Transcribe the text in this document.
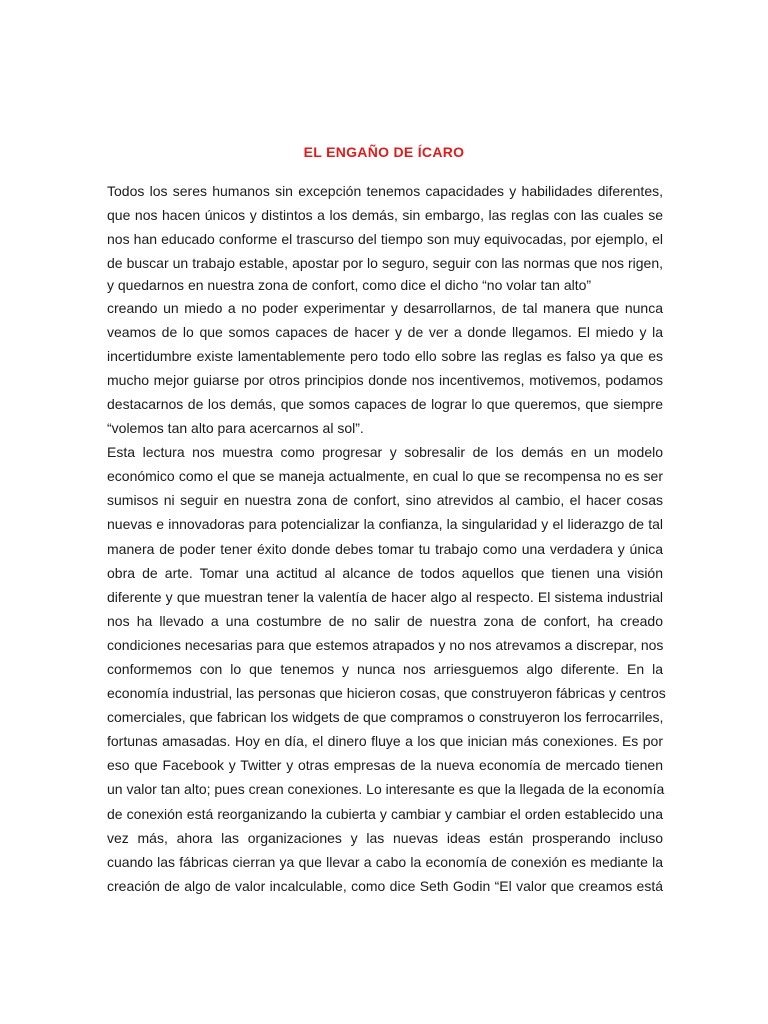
EL ENGAÑO DE ÍCARO
Todos los seres humanos sin excepción tenemos capacidades y habilidades diferentes,
que nos hacen únicos y distintos a los demás, sin embargo, las reglas con las cuales se
nos han educado conforme el trascurso del tiempo son muy equivocadas, por ejemplo, el
de buscar un trabajo estable, apostar por lo seguro, seguir con las normas que nos rigen,
y quedarnos en nuestra zona de confort, como dice el dicho “no volar tan alto”
creando un miedo a no poder experimentar y desarrollarnos, de tal manera que nunca
veamos de lo que somos capaces de hacer y de ver a donde llegamos. El miedo y la
incertidumbre existe lamentablemente pero todo ello sobre las reglas es falso ya que es
mucho mejor guiarse por otros principios donde nos incentivemos, motivemos, podamos
destacarnos de los demás, que somos capaces de lograr lo que queremos, que siempre
“volemos tan alto para acercarnos al sol”.
Esta lectura nos muestra como progresar y sobresalir de los demás en un modelo
económico como el que se maneja actualmente, en cual lo que se recompensa no es ser
sumisos ni seguir en nuestra zona de confort, sino atrevidos al cambio, el hacer cosas
nuevas e innovadoras para potencializar la confianza, la singularidad y el liderazgo de tal
manera de poder tener éxito donde debes tomar tu trabajo como una verdadera y única
obra de arte. Tomar una actitud al alcance de todos aquellos que tienen una visión
diferente y que muestran tener la valentía de hacer algo al respecto. El sistema industrial
nos ha llevado a una costumbre de no salir de nuestra zona de confort, ha creado
condiciones necesarias para que estemos atrapados y no nos atrevamos a discrepar, nos
conformemos con lo que tenemos y nunca nos arriesguemos algo diferente. En la
economía industrial, las personas que hicieron cosas, que construyeron fábricas y centros
comerciales, que fabrican los widgets de que compramos o construyeron los ferrocarriles,
fortunas amasadas. Hoy en día, el dinero fluye a los que inician más conexiones. Es por
eso que Facebook y Twitter y otras empresas de la nueva economía de mercado tienen
un valor tan alto; pues crean conexiones. Lo interesante es que la llegada de la economía
de conexión está reorganizando la cubierta y cambiar y cambiar el orden establecido una
vez más, ahora las organizaciones y las nuevas ideas están prosperando incluso
cuando las fábricas cierran ya que llevar a cabo la economía de conexión es mediante la
creación de algo de valor incalculable, como dice Seth Godin “El valor que creamos está
